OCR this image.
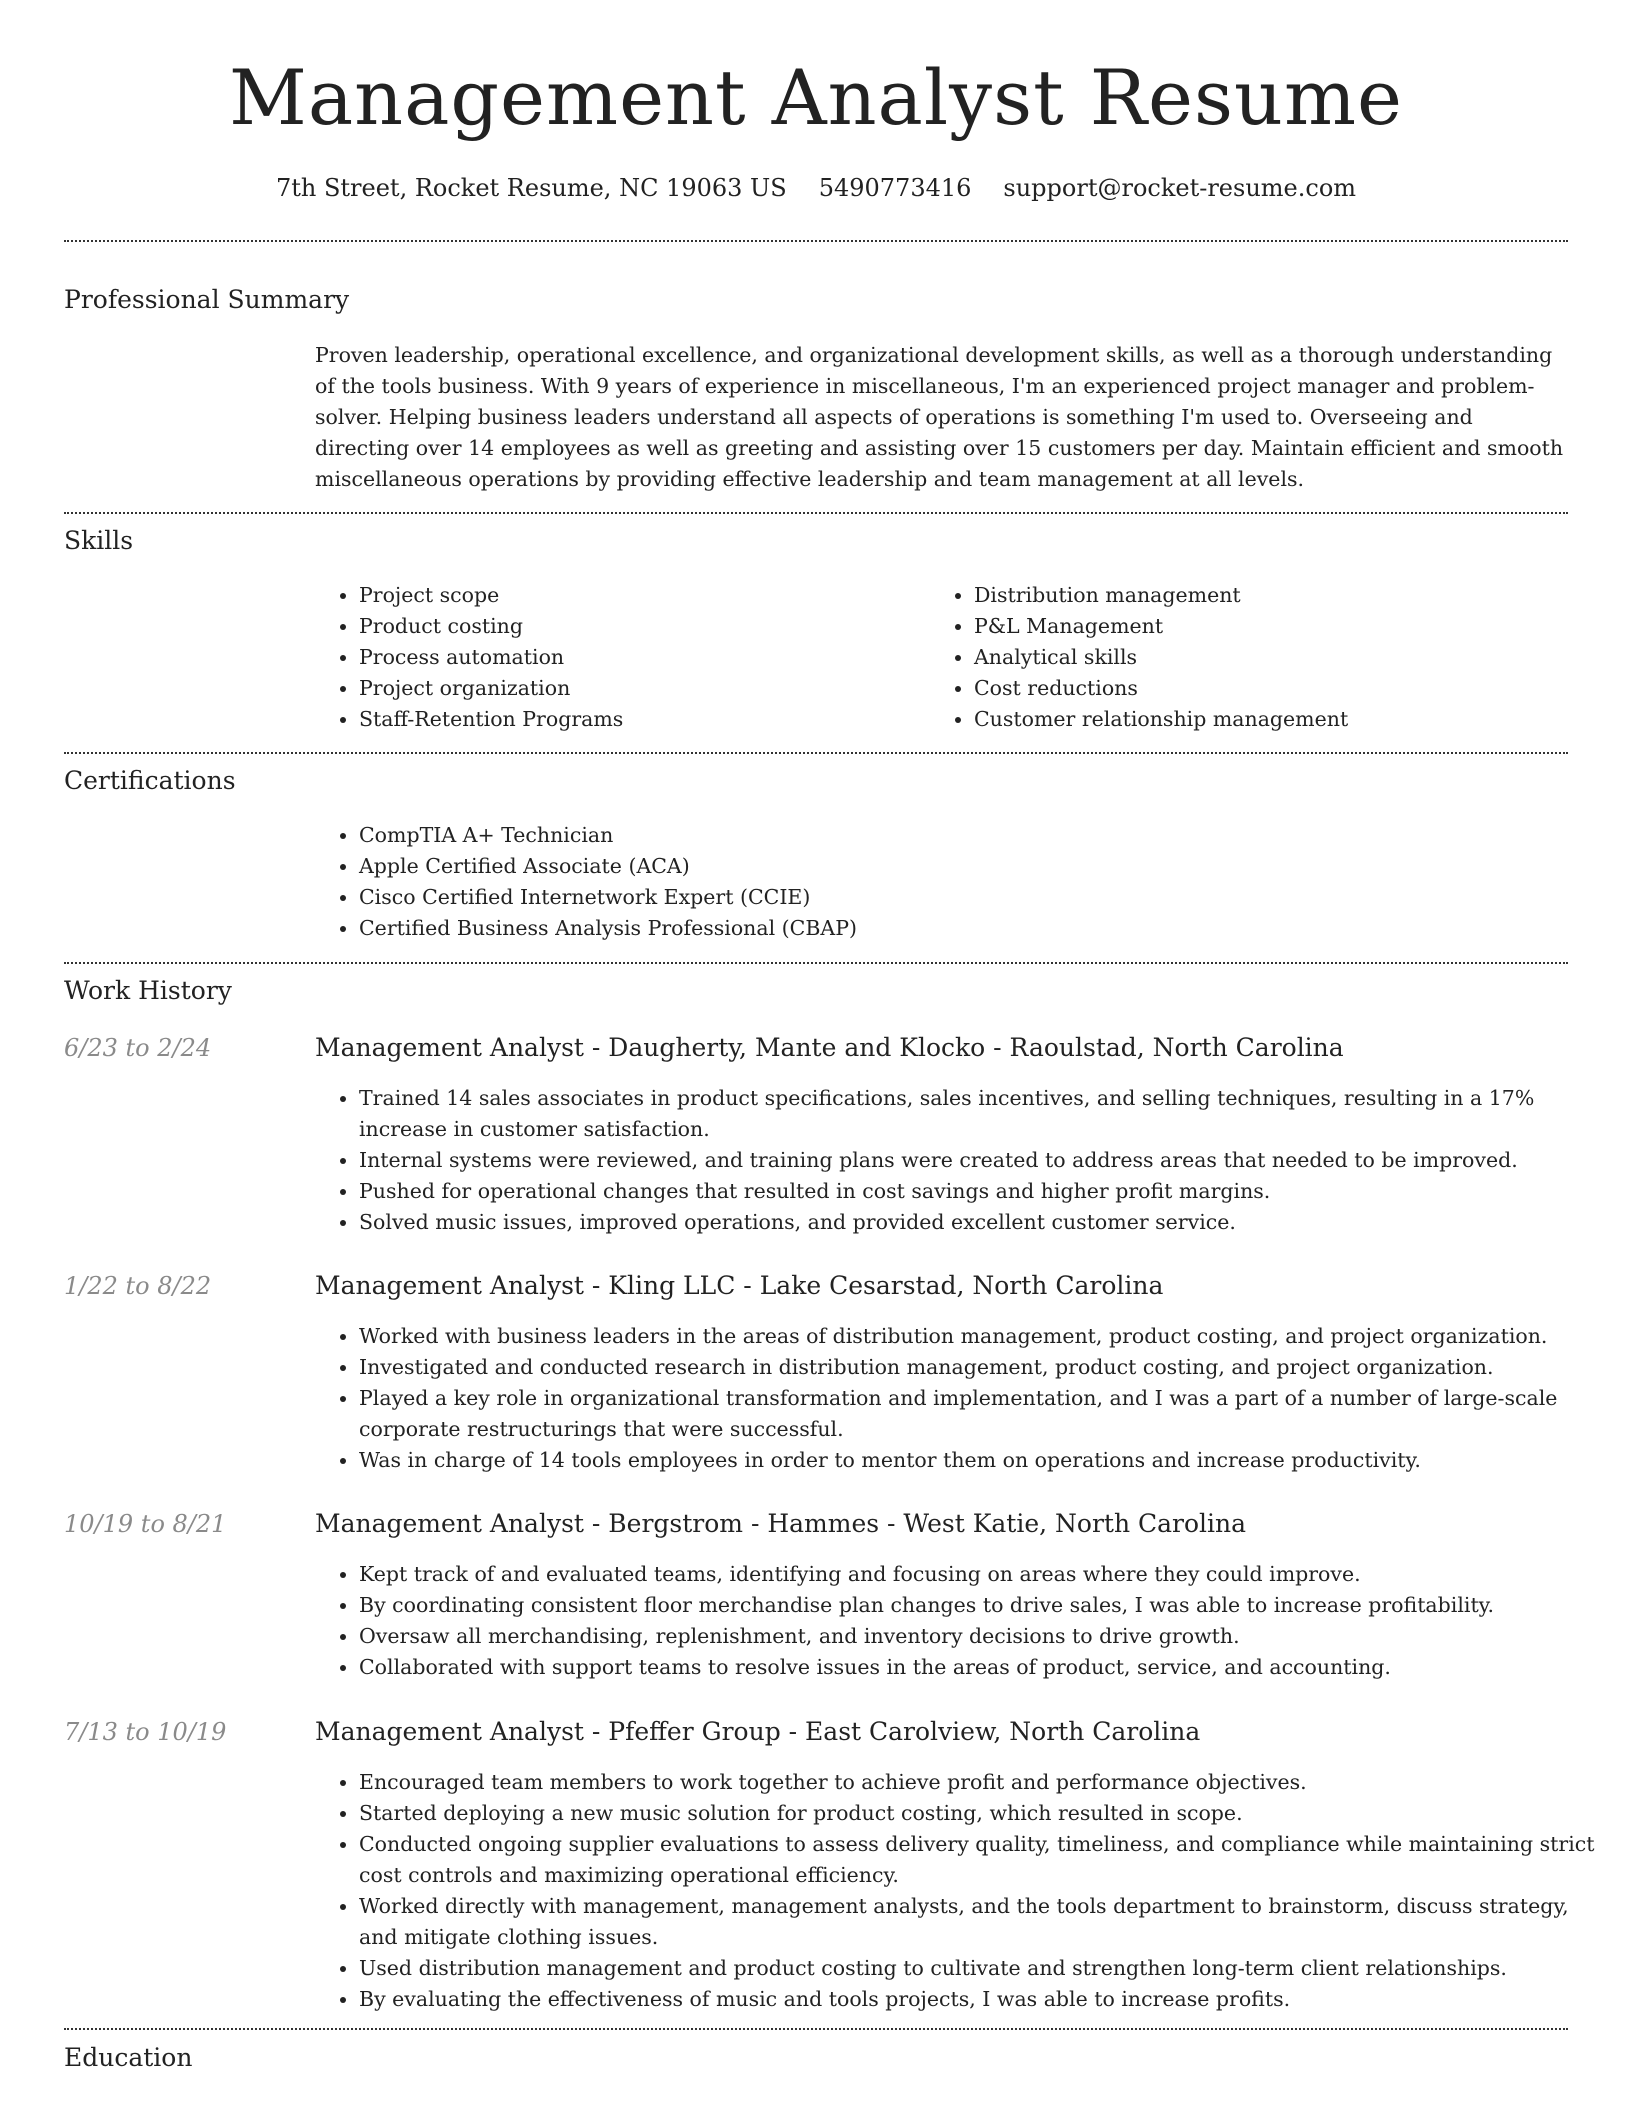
Management Analyst Resume
7th Street, Rocket Resume, NC 19063 US 5490773416 support@rocket-resume.com
Professional Summary

Proven leadership, operational excellence, and organizational development skills, as well as a thorough understanding of the tools business. With 9 years of experience in miscellaneous, I'm an experienced project manager and problem-solver. Helping business leaders understand all aspects of operations is something I'm used to. Overseeing and directing over 14 employees as well as greeting and assisting over 15 customers per day. Maintain efficient and smooth miscellaneous operations by providing effective leadership and team management at all levels.

Skills
• Project scope
• Product costing
• Process automation
• Project organization
• Staff-Retention Programs
• Distribution management
• P&L Management
• Analytical skills
• Cost reductions
• Customer relationship management
Certifications
• CompTIA A+ Technician
• Apple Certified Associate (ACA)
• Cisco Certified Internetwork Expert (CCIE)
• Certified Business Analysis Professional (CBAP)
Work History
6/23 to 2/24	Management Analyst - Daugherty, Mante and Klocko - Raoulstad, North Carolina
• Trained 14 sales associates in product specifications, sales incentives, and selling techniques, resulting in a 17% increase in customer satisfaction.
• Internal systems were reviewed, and training plans were created to address areas that needed to be improved.
• Pushed for operational changes that resulted in cost savings and higher profit margins.
• Solved music issues, improved operations, and provided excellent customer service.
1/22 to 8/22	Management Analyst - Kling LLC - Lake Cesarstad, North Carolina
• Worked with business leaders in the areas of distribution management, product costing, and project organization.
• Investigated and conducted research in distribution management, product costing, and project organization.
• Played a key role in organizational transformation and implementation, and I was a part of a number of large-scale corporate restructurings that were successful.
• Was in charge of 14 tools employees in order to mentor them on operations and increase productivity.
10/19 to 8/21	Management Analyst - Bergstrom - Hammes - West Katie, North Carolina
• Kept track of and evaluated teams, identifying and focusing on areas where they could improve.
• By coordinating consistent floor merchandise plan changes to drive sales, I was able to increase profitability.
• Oversaw all merchandising, replenishment, and inventory decisions to drive growth.
• Collaborated with support teams to resolve issues in the areas of product, service, and accounting.
7/13 to 10/19	Management Analyst - Pfeffer Group - East Carolview, North Carolina
• Encouraged team members to work together to achieve profit and performance objectives.
• Started deploying a new music solution for product costing, which resulted in scope.
• Conducted ongoing supplier evaluations to assess delivery quality, timeliness, and compliance while maintaining strict cost controls and maximizing operational efficiency.
• Worked directly with management, management analysts, and the tools department to brainstorm, discuss strategy, and mitigate clothing issues.
• Used distribution management and product costing to cultivate and strengthen long-term client relationships.
• By evaluating the effectiveness of music and tools projects, I was able to increase profits.
Education
